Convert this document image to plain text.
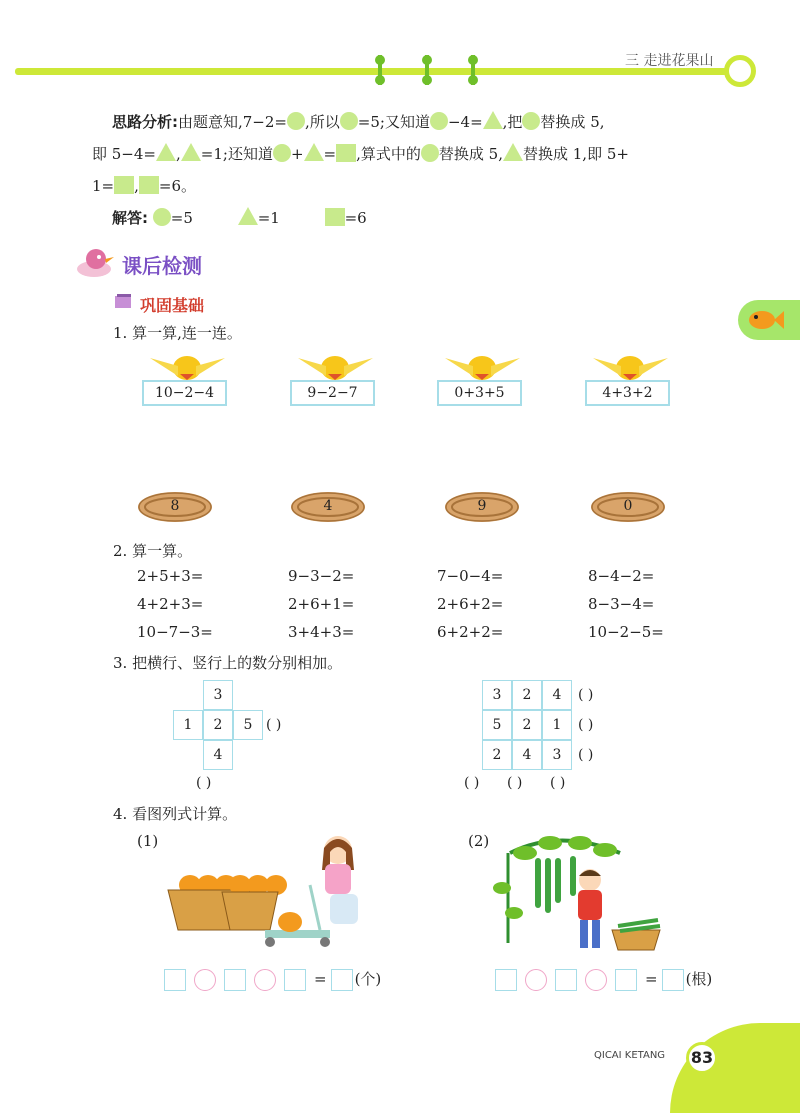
三 走进花果山
思路分析:由题意知,7−2= ,所以 =5;又知道 −4= ,把 替换成 5,
即 5−4= , =1;还知道 + = ,算式中的 替换成 5, 替换成 1,即 5+
1= , =6。
解答: =5	=1	=6
课后检测
巩固基础
1. 算一算,连一连。
10−2−4	9−2−7	0+3+5	4+3+2
8	4	9	0
2. 算一算。
2+5+3=	9−3−2=	7−0−4=	8−4−2=
4+2+3=	2+6+1=	2+6+2=	8−3−4=
10−7−3=	3+4+3=	6+2+2=	10−2−5=
3. 把横行、竖行上的数分别相加。
3
1	2	5
4
( )
( )
3	2	4
5	2	1
2	4	3
( )
( )
( )
( ) ( ) ( )
4. 看图列式计算。
(1)	(2)
= (个)	= (根)
QICAI KETANG	83
